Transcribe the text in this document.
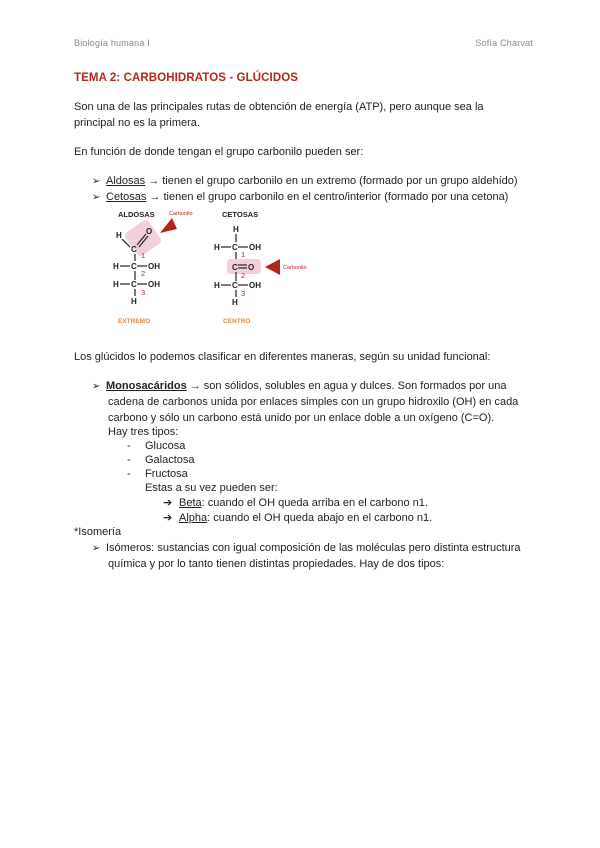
Biología humana I	Sofía Charvat
TEMA 2: CARBOHIDRATOS - GLÚCIDOS
Son una de las principales rutas de obtención de energía (ATP), pero aunque sea la
principal no es la primera.
En función de donde tengan el grupo carbonilo pueden ser:
➢ Aldosas → tienen el grupo carbonilo en un extremo (formado por un grupo aldehído)
➢ Cetosas → tienen el grupo carbonilo en el centro/interior (formado por una cetona)
ALDOSAS	Carbonilo
H
C
O
1
H C OH
2
H C OH
3
H
EXTREMO
CETOSAS
H
H C OH
1
C O	Carbonilo
2
H C OH
3
H
CENTRO
Los glúcidos lo podemos clasificar en diferentes maneras, según su unidad funcional:
➢ Monosacáridos → son sólidos, solubles en agua y dulces. Son formados por una
cadena de carbonos unida por enlaces simples con un grupo hidroxilo (OH) en cada
carbono y sólo un carbono está unido por un enlace doble a un oxígeno (C=O).
Hay tres tipos:
- Glucosa
- Galactosa
- Fructosa
Estas a su vez pueden ser:
➔ Beta: cuando el OH queda arriba en el carbono n1.
➔ Alpha: cuando el OH queda abajo en el carbono n1.
*Isomería
➢ Isómeros: sustancias con igual composición de las moléculas pero distinta estructura
química y por lo tanto tienen distintas propiedades. Hay de dos tipos:
